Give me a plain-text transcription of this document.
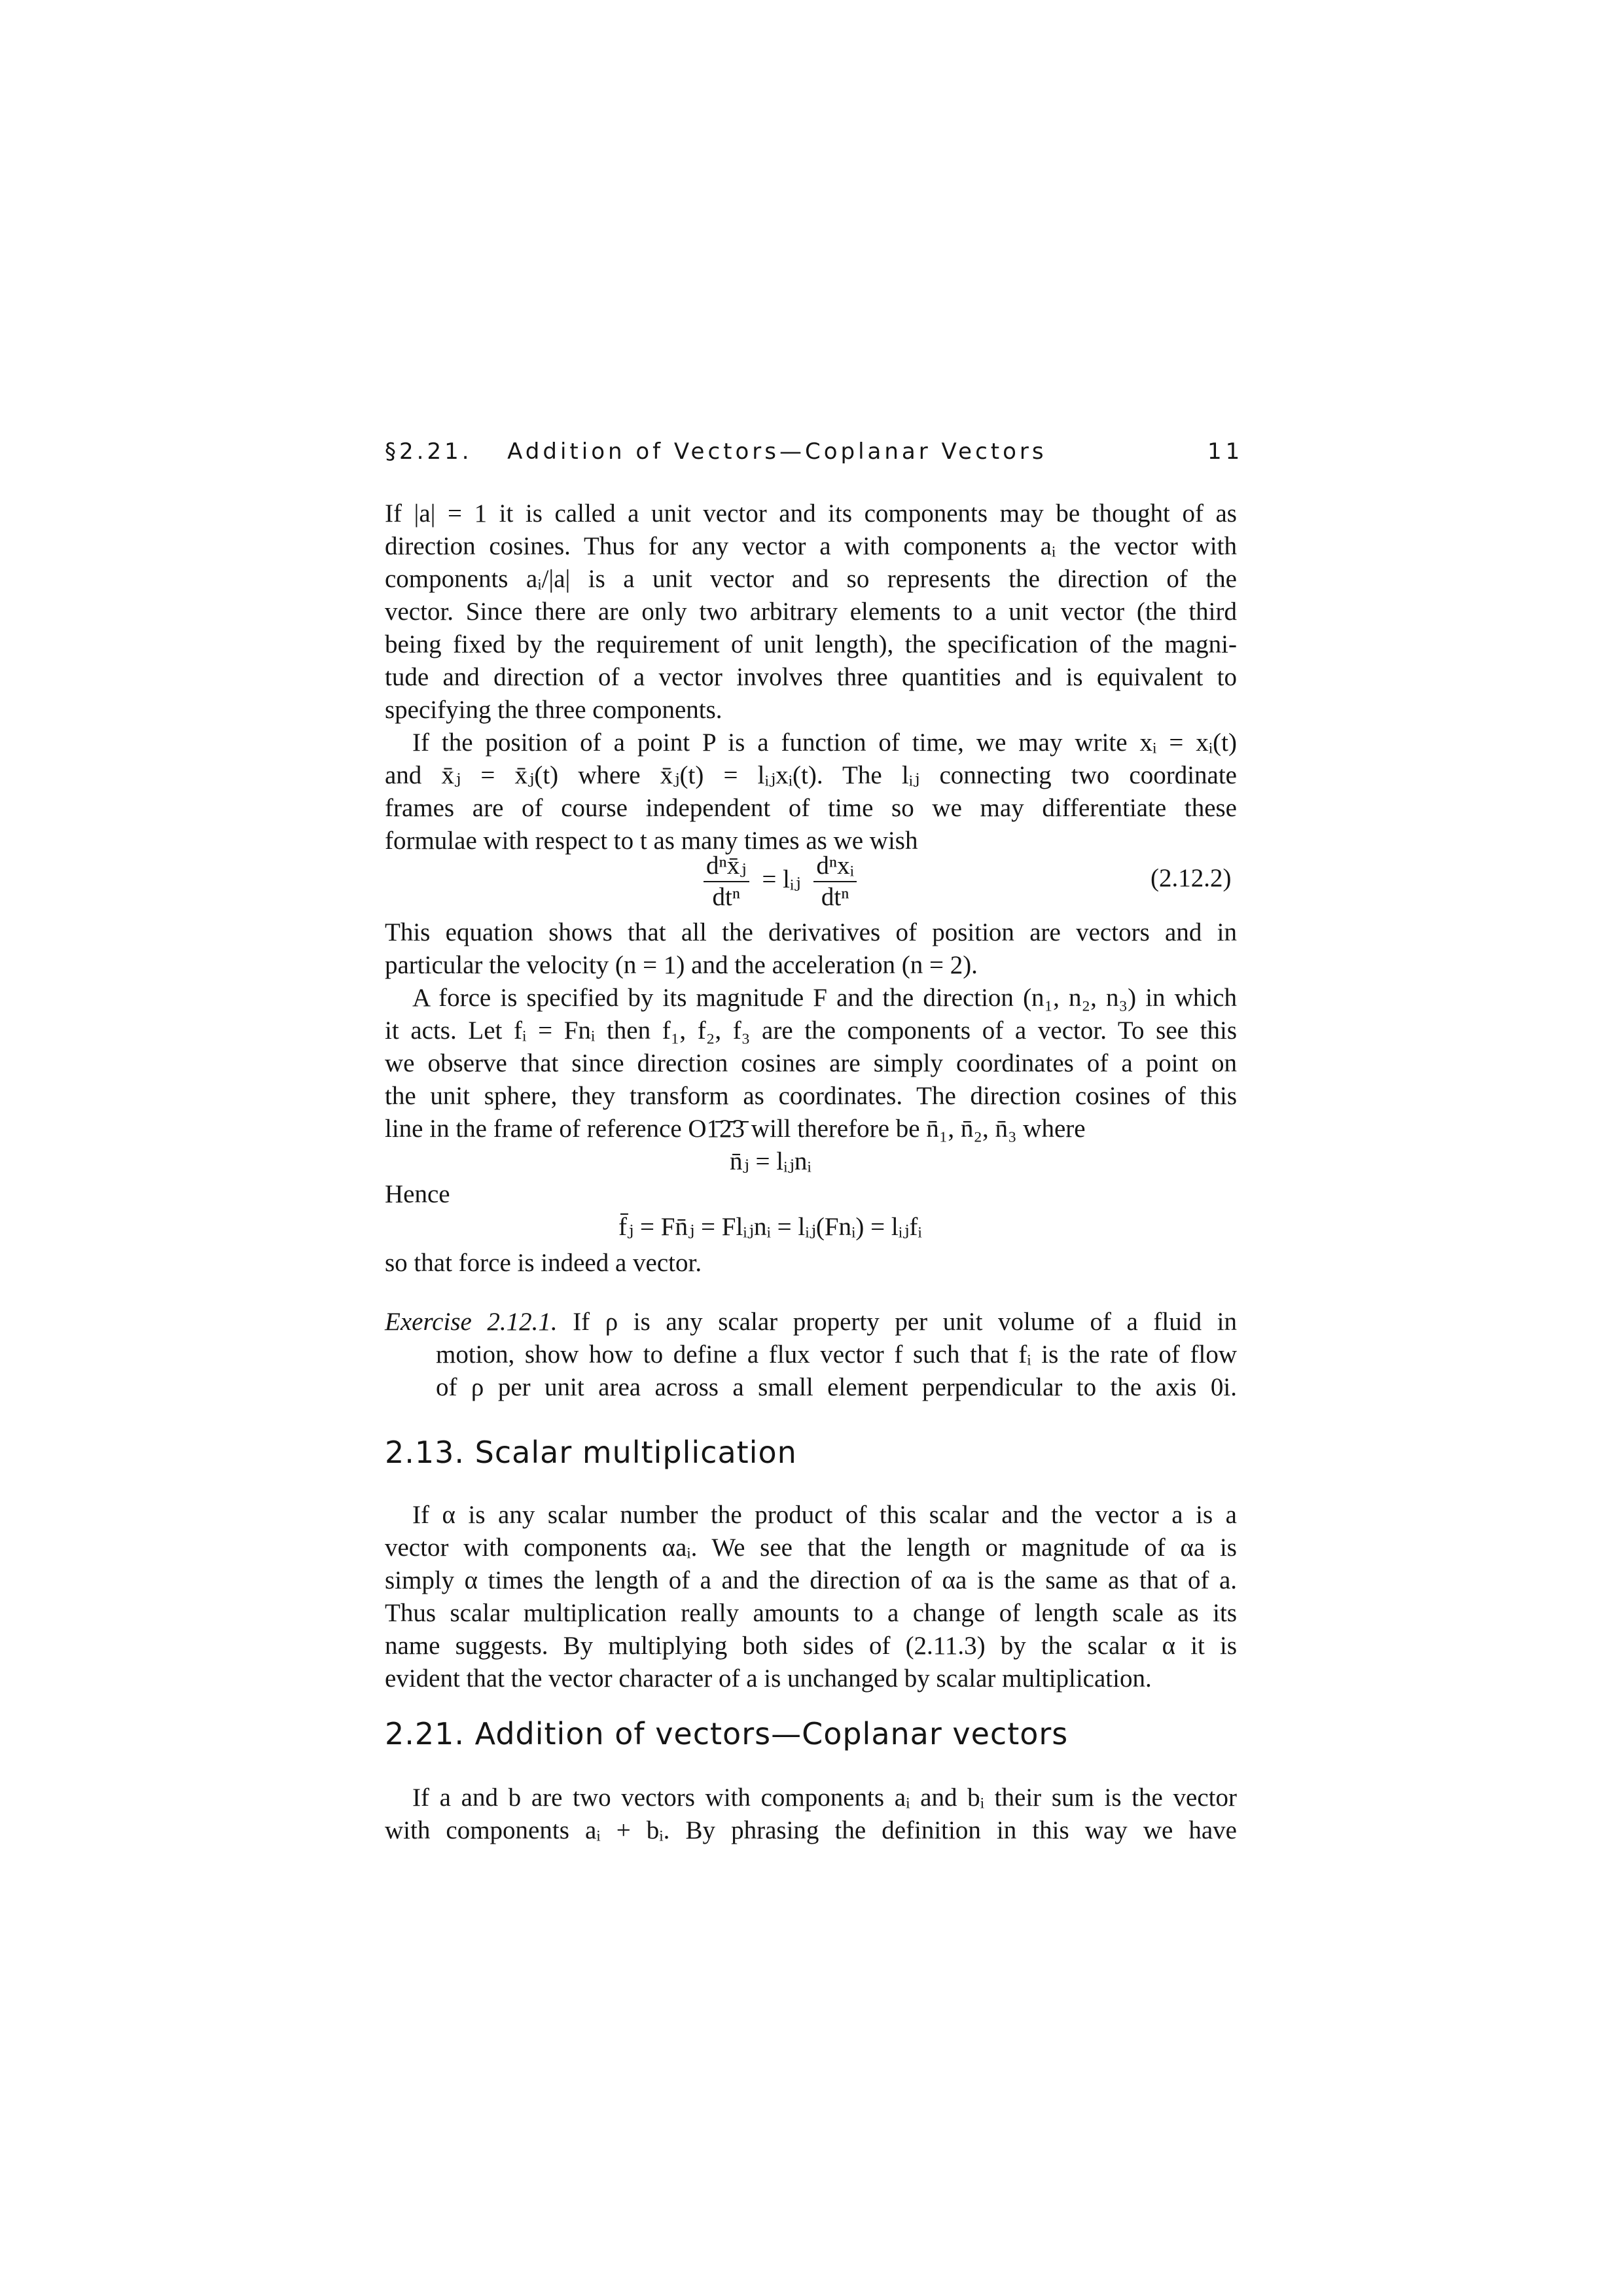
§2.21. Addition of Vectors—Coplanar Vectors	11
If |a| = 1 it is called a unit vector and its components may be thought of as
direction cosines. Thus for any vector a with components aᵢ the vector with
components aᵢ/|a| is a unit vector and so represents the direction of the
vector. Since there are only two arbitrary elements to a unit vector (the third
being fixed by the requirement of unit length), the specification of the magni-
tude and direction of a vector involves three quantities and is equivalent to
specifying the three components.
If the position of a point P is a function of time, we may write xᵢ = xᵢ(t)
and x̄ⱼ = x̄ⱼ(t) where x̄ⱼ(t) = lᵢⱼxᵢ(t). The lᵢⱼ connecting two coordinate
frames are of course independent of time so we may differentiate these
formulae with respect to t as many times as we wish
$\frac{\text{dⁿx̄ⱼ}}{\text{dtⁿ}}$ = lᵢⱼ $\frac{\text{dⁿxᵢ}}{\text{dtⁿ}}$	(2.12.2)
This equation shows that all the derivatives of position are vectors and in
particular the velocity (n = 1) and the acceleration (n = 2).
A force is specified by its magnitude F and the direction (n₁, n₂, n₃) in which
it acts. Let fᵢ = Fnᵢ then f₁, f₂, f₃ are the components of a vector. To see this
we observe that since direction cosines are simply coordinates of a point on
the unit sphere, they transform as coordinates. The direction cosines of this
line in the frame of reference O1̄2̄3̄ will therefore be n̄₁, n̄₂, n̄₃ where
n̄ⱼ = lᵢⱼnᵢ
Hence
f̄ⱼ = Fn̄ⱼ = Flᵢⱼnᵢ = lᵢⱼ(Fnᵢ) = lᵢⱼfᵢ
so that force is indeed a vector.
Exercise 2.12.1. If ρ is any scalar property per unit volume of a fluid in
motion, show how to define a flux vector f such that fᵢ is the rate of flow
of ρ per unit area across a small element perpendicular to the axis 0i.
2.13. Scalar multiplication
If α is any scalar number the product of this scalar and the vector a is a
vector with components αaᵢ. We see that the length or magnitude of αa is
simply α times the length of a and the direction of αa is the same as that of a.
Thus scalar multiplication really amounts to a change of length scale as its
name suggests. By multiplying both sides of (2.11.3) by the scalar α it is
evident that the vector character of a is unchanged by scalar multiplication.
2.21. Addition of vectors—Coplanar vectors
If a and b are two vectors with components aᵢ and bᵢ their sum is the vector
with components aᵢ + bᵢ. By phrasing the definition in this way we have
